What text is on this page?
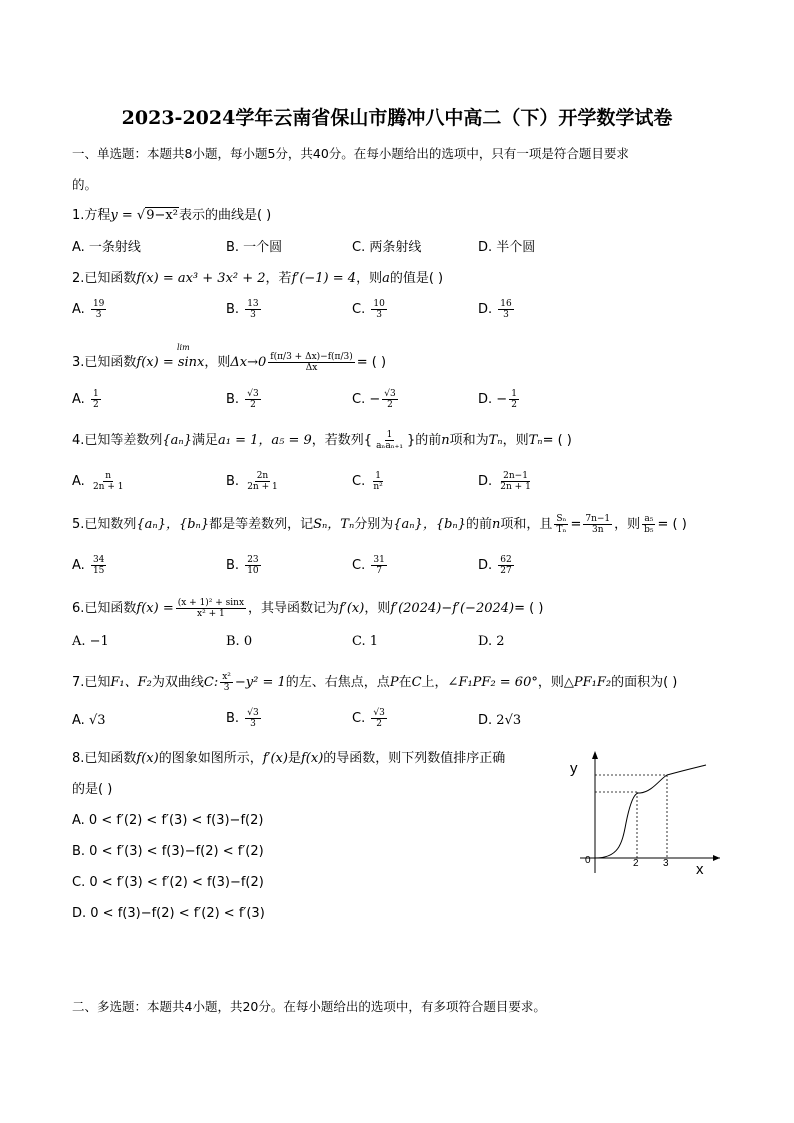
2023-2024学年云南省保山市腾冲八中高二（下）开学数学试卷
一、单选题：本题共8小题，每小题5分，共40分。在每小题给出的选项中，只有一项是符合题目要求
的。
1.方程y = √9−x²表示的曲线是( )
A. 一条射线	B. 一个圆	C. 两条射线	D. 半个圆
2.已知函数f(x) = ax³ + 3x² + 2，若f′(−1) = 4，则a的值是( )
A. $\frac{19}{3}$	B. $\frac{13}{3}$	C. $\frac{10}{3}$	D. $\frac{16}{3}$
lim
3.已知函数f(x) = sinx，则$\Delta x\to 0 \frac{f(\pi/3 + \Delta x)-f(\pi/3)}{\Delta x}$ = ( )
A. $\frac{1}{2}$	B. $\frac{√3}{2}$	C. − $\frac{√3}{2}$	D. − $\frac{1}{2}$
4.已知等差数列{aₙ}满足a₁ = 1，a₅ = 9，若数列{ $\frac{1}{\text{aₙaₙ₊₁}}$ }的前n项和为Tₙ，则Tₙ= ( )
A. $\frac{n}{2n + 1}$	B. $\frac{2n}{2n + 1}$	C. $\frac{1}{\text{n²}}$	D. $\frac{2n-1}{2n + 1}$
5.已知数列{aₙ}，{bₙ}都是等差数列，记Sₙ，Tₙ分别为{aₙ}，{bₙ}的前n项和，且 $\frac{\text{Sₙ}}{\text{Tₙ}} = \frac{7n-1}{3n}$ ，则 $\frac{\text{a₅}}{\text{b₅}}$ = ( )
A. $\frac{34}{15}$	B. $\frac{23}{10}$	C. $\frac{31}{7}$	D. $\frac{62}{27}$
6.已知函数$f(x) = \frac{\text{(x + 1)² + sinx}}{\text{x² + 1}}$ ，其导函数记为f′(x)，则f′(2024)−f′(−2024)= ( )
A. −1	B. 0	C. 1	D. 2
7.已知F₁、F₂为双曲线C: $\frac{\text{x²}}{3} -y^2 = 1$的左、右焦点，点P在C上，∠F₁PF₂ = 60°，则△PF₁F₂的面积为( )
A. √3	B. $\frac{√3}{3}$	C. $\frac{√3}{2}$	D. 2√3
8.已知函数f(x)的图象如图所示，f′(x)是f(x)的导函数，则下列数值排序正确
的是( )
A. 0 < f′(2) < f′(3) < f(3)−f(2)
B. 0 < f′(3) < f(3)−f(2) < f′(2)
C. 0 < f′(3) < f′(2) < f(3)−f(2)
D. 0 < f(3)−f(2) < f′(2) < f′(3)
y
x
0	2 3
二、多选题：本题共4小题，共20分。在每小题给出的选项中，有多项符合题目要求。
